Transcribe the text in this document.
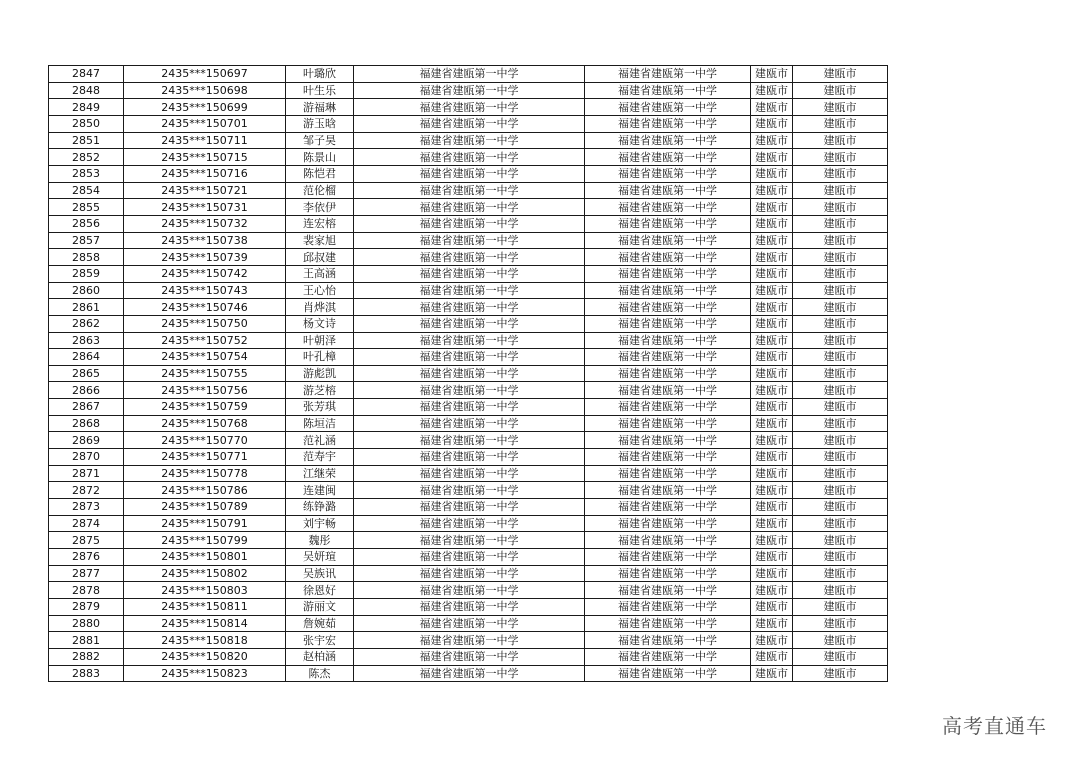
2847	2435***150697	叶璐欣	福建省建瓯第一中学	福建省建瓯第一中学	建瓯市	建瓯市
2848	2435***150698	叶生乐	福建省建瓯第一中学	福建省建瓯第一中学	建瓯市	建瓯市
2849	2435***150699	游福琳	福建省建瓯第一中学	福建省建瓯第一中学	建瓯市	建瓯市
2850	2435***150701	游玉晗	福建省建瓯第一中学	福建省建瓯第一中学	建瓯市	建瓯市
2851	2435***150711	邹子昊	福建省建瓯第一中学	福建省建瓯第一中学	建瓯市	建瓯市
2852	2435***150715	陈景山	福建省建瓯第一中学	福建省建瓯第一中学	建瓯市	建瓯市
2853	2435***150716	陈恺君	福建省建瓯第一中学	福建省建瓯第一中学	建瓯市	建瓯市
2854	2435***150721	范伦榴	福建省建瓯第一中学	福建省建瓯第一中学	建瓯市	建瓯市
2855	2435***150731	李依伊	福建省建瓯第一中学	福建省建瓯第一中学	建瓯市	建瓯市
2856	2435***150732	连宏榕	福建省建瓯第一中学	福建省建瓯第一中学	建瓯市	建瓯市
2857	2435***150738	裴家旭	福建省建瓯第一中学	福建省建瓯第一中学	建瓯市	建瓯市
2858	2435***150739	邱叔建	福建省建瓯第一中学	福建省建瓯第一中学	建瓯市	建瓯市
2859	2435***150742	王高涵	福建省建瓯第一中学	福建省建瓯第一中学	建瓯市	建瓯市
2860	2435***150743	王心怡	福建省建瓯第一中学	福建省建瓯第一中学	建瓯市	建瓯市
2861	2435***150746	肖烨淇	福建省建瓯第一中学	福建省建瓯第一中学	建瓯市	建瓯市
2862	2435***150750	杨文诗	福建省建瓯第一中学	福建省建瓯第一中学	建瓯市	建瓯市
2863	2435***150752	叶朝泽	福建省建瓯第一中学	福建省建瓯第一中学	建瓯市	建瓯市
2864	2435***150754	叶孔樟	福建省建瓯第一中学	福建省建瓯第一中学	建瓯市	建瓯市
2865	2435***150755	游彪凯	福建省建瓯第一中学	福建省建瓯第一中学	建瓯市	建瓯市
2866	2435***150756	游芝榕	福建省建瓯第一中学	福建省建瓯第一中学	建瓯市	建瓯市
2867	2435***150759	张芳琪	福建省建瓯第一中学	福建省建瓯第一中学	建瓯市	建瓯市
2868	2435***150768	陈垣洁	福建省建瓯第一中学	福建省建瓯第一中学	建瓯市	建瓯市
2869	2435***150770	范礼涵	福建省建瓯第一中学	福建省建瓯第一中学	建瓯市	建瓯市
2870	2435***150771	范寿宇	福建省建瓯第一中学	福建省建瓯第一中学	建瓯市	建瓯市
2871	2435***150778	江继荣	福建省建瓯第一中学	福建省建瓯第一中学	建瓯市	建瓯市
2872	2435***150786	连建闽	福建省建瓯第一中学	福建省建瓯第一中学	建瓯市	建瓯市
2873	2435***150789	练铮潞	福建省建瓯第一中学	福建省建瓯第一中学	建瓯市	建瓯市
2874	2435***150791	刘宇畅	福建省建瓯第一中学	福建省建瓯第一中学	建瓯市	建瓯市
2875	2435***150799	魏彤	福建省建瓯第一中学	福建省建瓯第一中学	建瓯市	建瓯市
2876	2435***150801	吴妍瑄	福建省建瓯第一中学	福建省建瓯第一中学	建瓯市	建瓯市
2877	2435***150802	吴族讯	福建省建瓯第一中学	福建省建瓯第一中学	建瓯市	建瓯市
2878	2435***150803	徐恩好	福建省建瓯第一中学	福建省建瓯第一中学	建瓯市	建瓯市
2879	2435***150811	游丽文	福建省建瓯第一中学	福建省建瓯第一中学	建瓯市	建瓯市
2880	2435***150814	詹婉茹	福建省建瓯第一中学	福建省建瓯第一中学	建瓯市	建瓯市
2881	2435***150818	张宇宏	福建省建瓯第一中学	福建省建瓯第一中学	建瓯市	建瓯市
2882	2435***150820	赵柏涵	福建省建瓯第一中学	福建省建瓯第一中学	建瓯市	建瓯市
2883	2435***150823	陈杰	福建省建瓯第一中学	福建省建瓯第一中学	建瓯市	建瓯市
高考直通车
